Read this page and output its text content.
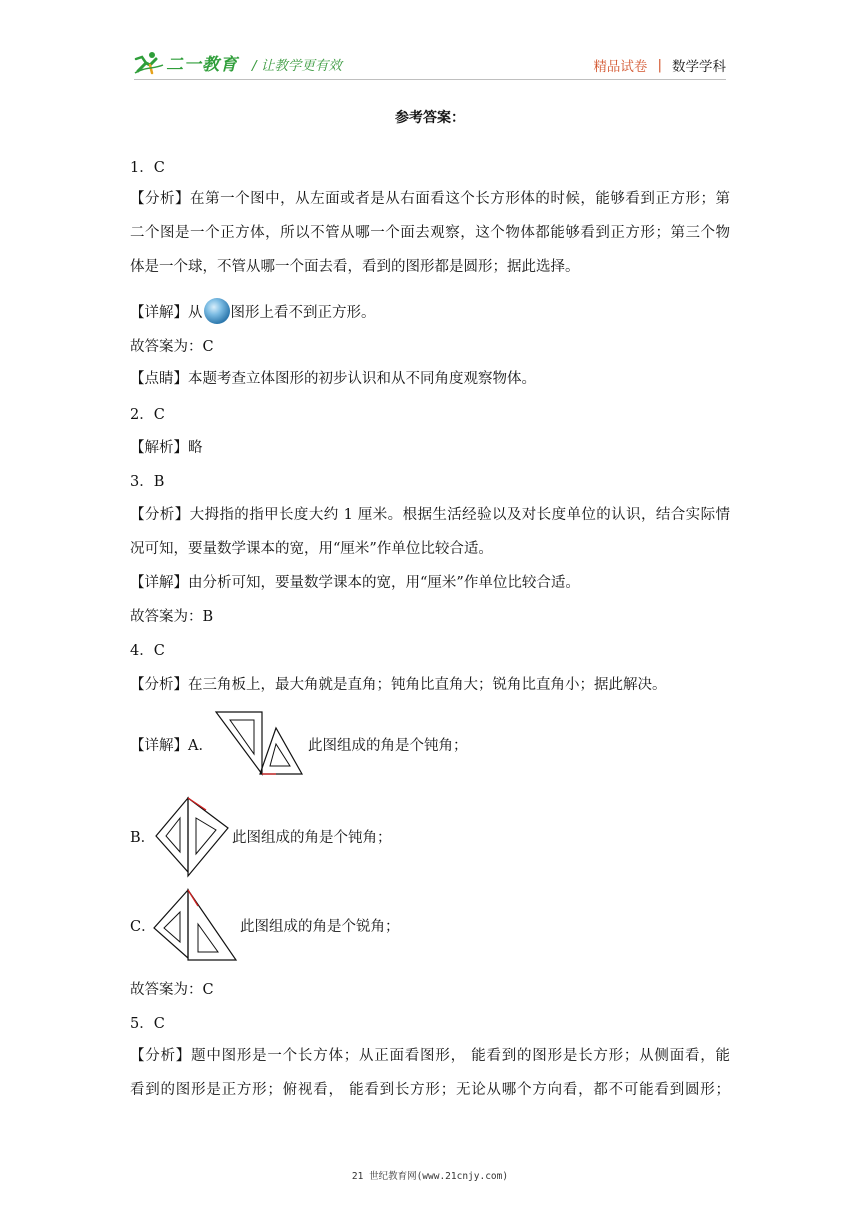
二一教育 / 让教学更有效	精品试卷 | 数学学科
参考答案：
1．C
【分析】在第一个图中，从左面或者是从右面看这个长方形体的时候，能够看到正方形；第
二个图是一个正方体，所以不管从哪一个面去观察，这个物体都能够看到正方形；第三个物
体是一个球，不管从哪一个面去看，看到的图形都是圆形；据此选择。
【详解】从 图形上看不到正方形。
故答案为：C
【点睛】本题考查立体图形的初步认识和从不同角度观察物体。
2．C
【解析】略
3．B
【分析】大拇指的指甲长度大约 1 厘米。根据生活经验以及对长度单位的认识，结合实际情
况可知，要量数学课本的宽，用“厘米”作单位比较合适。
【详解】由分析可知，要量数学课本的宽，用“厘米”作单位比较合适。
故答案为：B
4．C
【分析】在三角板上，最大角就是直角；钝角比直角大；锐角比直角小；据此解决。
【详解】A．	此图组成的角是个钝角；
B．	此图组成的角是个钝角；
C．	此图组成的角是个锐角；
故答案为：C
5．C
【分析】题中图形是一个长方体；从正面看图形， 能看到的图形是长方形；从侧面看，能
看到的图形是正方形；俯视看， 能看到长方形；无论从哪个方向看，都不可能看到圆形；
21 世纪教育网(www.21cnjy.com)
